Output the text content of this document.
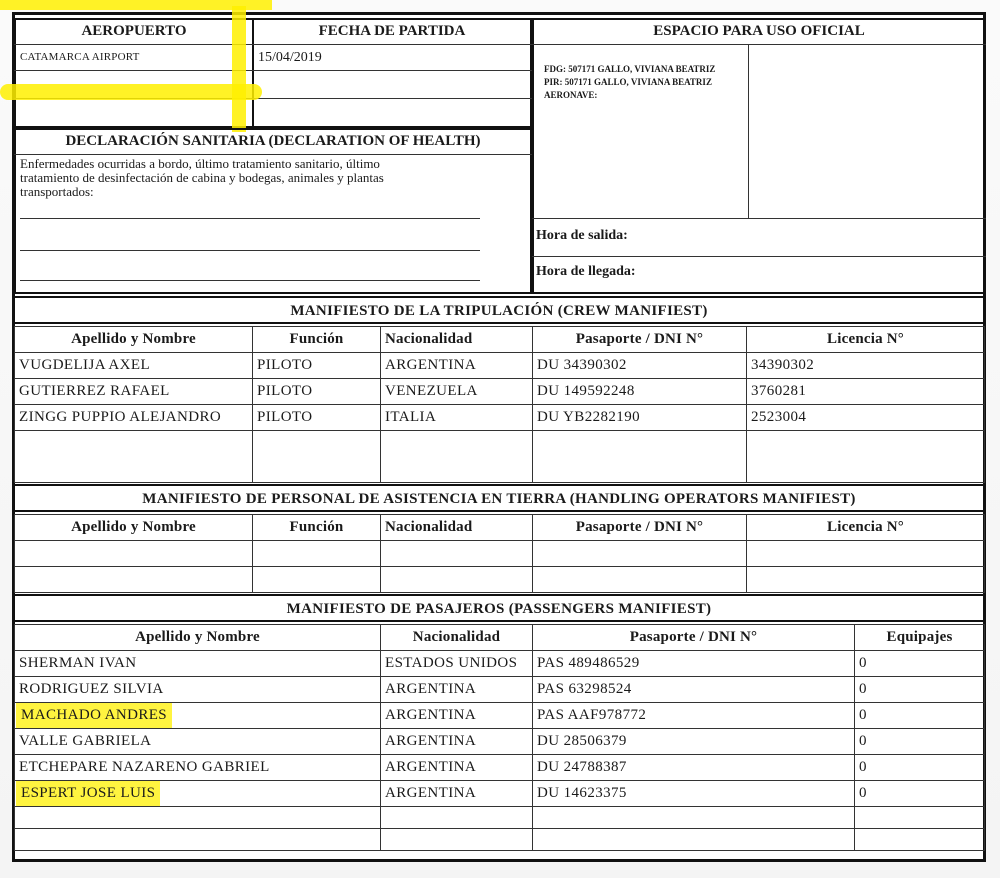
AEROPUERTO
CATAMARCA AIRPORT
FECHA DE PARTIDA
15/04/2019
ESPACIO PARA USO OFICIAL
FDG: 507171 GALLO, VIVIANA BEATRIZ
PIR: 507171 GALLO, VIVIANA BEATRIZ
AERONAVE:
Hora de salida:
Hora de llegada:
DECLARACIÓN SANITARIA (DECLARATION OF HEALTH)
Enfermedades ocurridas a bordo, último tratamiento sanitario, último
tratamiento de desinfectación de cabina y bodegas, animales y plantas
transportados:
MANIFIESTO DE LA TRIPULACIÓN (CREW MANIFIEST)
Apellido y Nombre	Función	Nacionalidad	Pasaporte / DNI N°	Licencia N°
VUGDELIJA AXEL	PILOTO	ARGENTINA	DU 34390302	34390302
GUTIERREZ RAFAEL	PILOTO	VENEZUELA	DU 149592248	3760281
ZINGG PUPPIO ALEJANDRO	PILOTO	ITALIA	DU YB2282190	2523004

MANIFIESTO DE PERSONAL DE ASISTENCIA EN TIERRA (HANDLING OPERATORS MANIFIEST)
Apellido y Nombre	Función	Nacionalidad	Pasaporte / DNI N°	Licencia N°

MANIFIESTO DE PASAJEROS (PASSENGERS MANIFIEST)
Apellido y Nombre	Nacionalidad	Pasaporte / DNI N°	Equipajes
SHERMAN IVAN	ESTADOS UNIDOS	PAS 489486529	0
RODRIGUEZ SILVIA	ARGENTINA	PAS 63298524	0
MACHADO ANDRES	ARGENTINA	PAS AAF978772	0
VALLE GABRIELA	ARGENTINA	DU 28506379	0
ETCHEPARE NAZARENO GABRIEL	ARGENTINA	DU 24788387	0
ESPERT JOSE LUIS	ARGENTINA	DU 14623375	0
